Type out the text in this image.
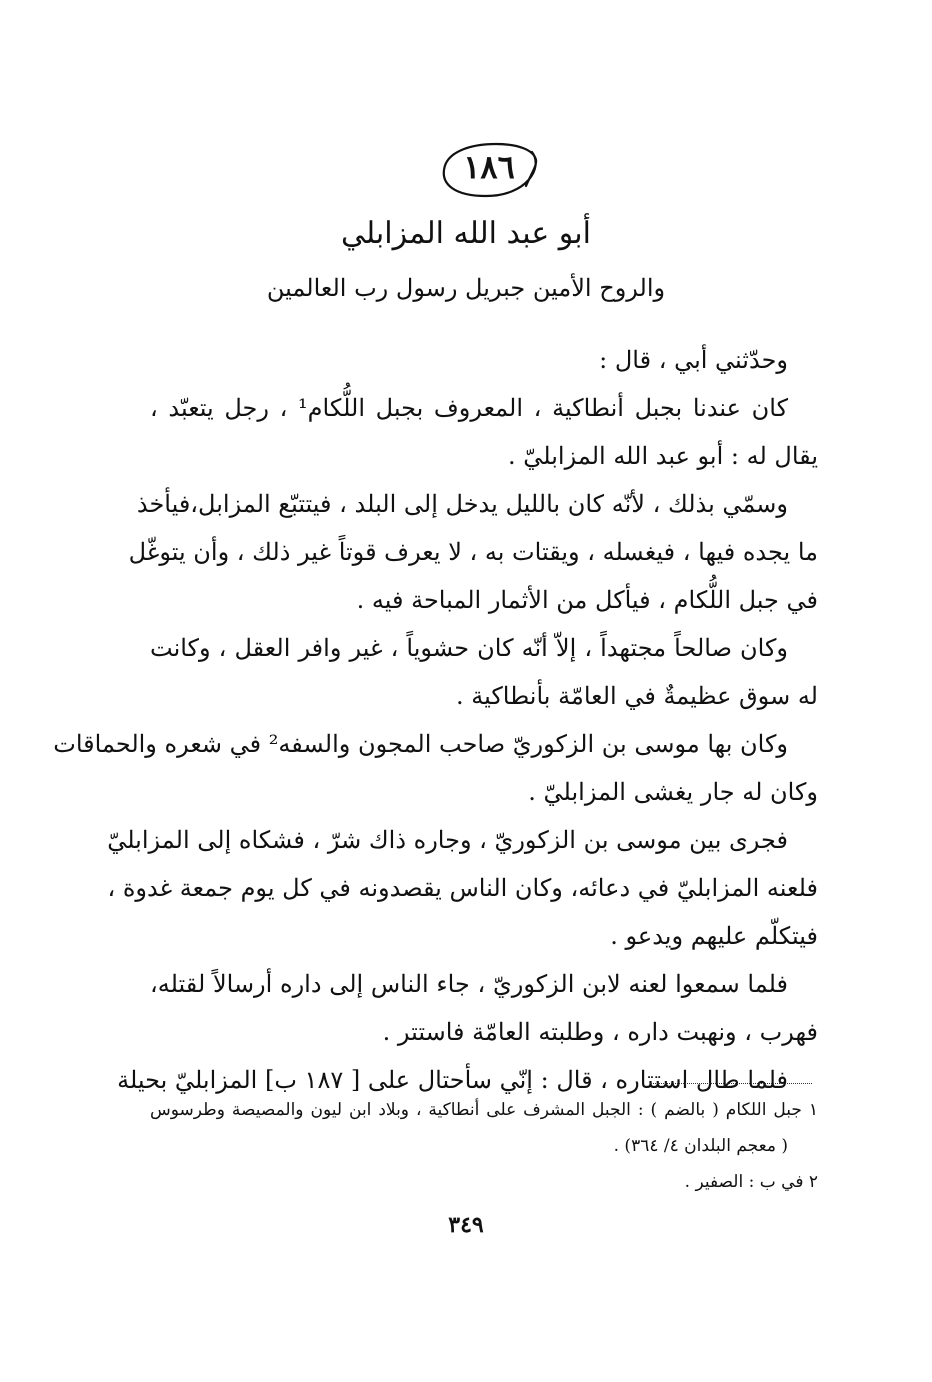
١٨٦
أبو عبد الله المزابلي
والروح الأمين جبريل رسول رب العالمين
وحدّثني أبي ، قال :
كان عندنا بجبل أنطاكية ، المعروف بجبل اللُّكام¹ ، رجل يتعبّد ،
يقال له : أبو عبد الله المزابليّ .
وسمّي بذلك ، لأنّه كان بالليل يدخل إلى البلد ، فيتتبّع المزابل،فيأخذ
ما يجده فيها ، فيغسله ، ويقتات به ، لا يعرف قوتاً غير ذلك ، وأن يتوغّل
في جبل اللُّكام ، فيأكل من الأثمار المباحة فيه .
وكان صالحاً مجتهداً ، إلاّ أنّه كان حشوياً ، غير وافر العقل ، وكانت
له سوق عظيمةٌ في العامّة بأنطاكية .
وكان بها موسى بن الزكوريّ صاحب المجون والسفه² في شعره والحماقات
وكان له جار يغشى المزابليّ .
فجرى بين موسى بن الزكوريّ ، وجاره ذاك شرّ ، فشكاه إلى المزابليّ
فلعنه المزابليّ في دعائه، وكان الناس يقصدونه في كل يوم جمعة غدوة ،
فيتكلّم عليهم ويدعو .
فلما سمعوا لعنه لابن الزكوريّ ، جاء الناس إلى داره أرسالاً لقتله،
فهرب ، ونهبت داره ، وطلبته العامّة فاستتر .
فلما طال استتاره ، قال : إنّي سأحتال على [ ١٨٧ ب] المزابليّ بحيلة
١ جبل اللكام ( بالضم ) : الجبل المشرف على أنطاكية ، وبلاد ابن ليون والمصيصة وطرسوس
( معجم البلدان ٤/ ٣٦٤) .
٢ في ب : الصفير .
٣٤٩
